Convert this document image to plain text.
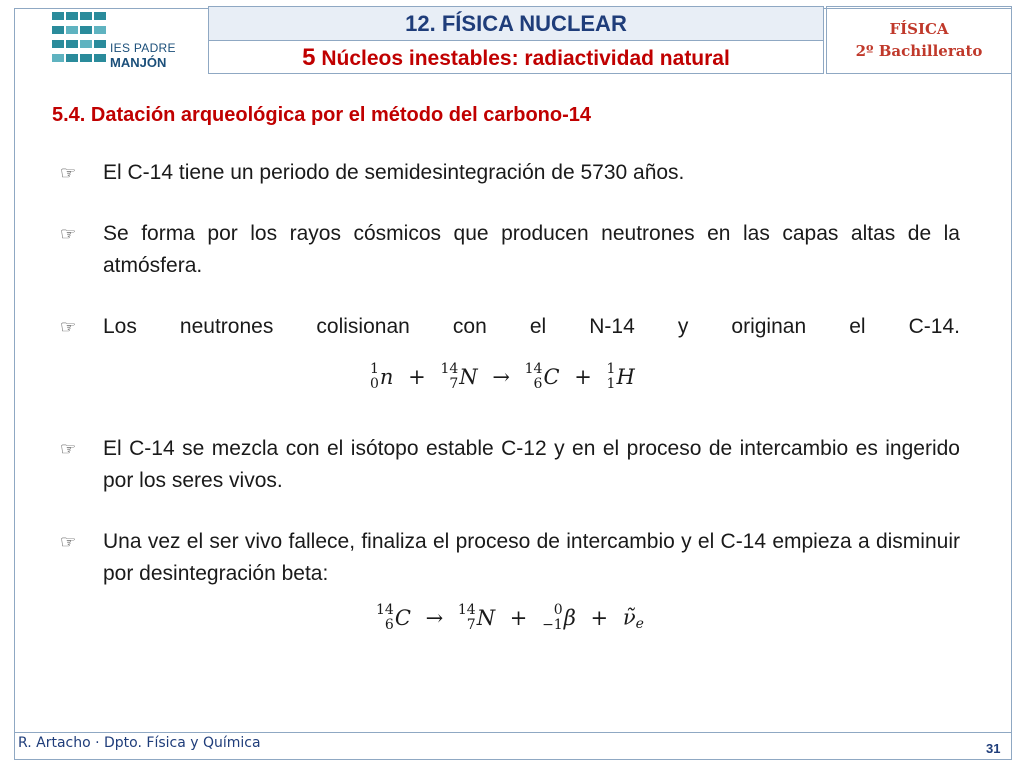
IES PADRE
MANJÓN
12. FÍSICA NUCLEAR
5 Núcleos inestables: radiactividad natural
FÍSICA
2º Bachillerato
5.4. Datación arqueológica por el método del carbono-14
☞ El C-14 tiene un periodo de semidesintegración de 5730 años.
☞ Se forma por los rayos cósmicos que producen neutrones en las capas altas de la atmósfera.
☞ Los neutrones colisionan con el N-14 y originan el C-14.
1
0 n + 14
7 N → 14
6 C + 1
1 H
☞ El C-14 se mezcla con el isótopo estable C-12 y en el proceso de intercambio es ingerido por los seres vivos.
☞ Una vez el ser vivo fallece, finaliza el proceso de intercambio y el C-14 empieza a disminuir por desintegración beta:
14
6 C → 14
7 N + 0
−1 $\beta + \nũ_e$
R. Artacho · Dpto. Física y Química	31
